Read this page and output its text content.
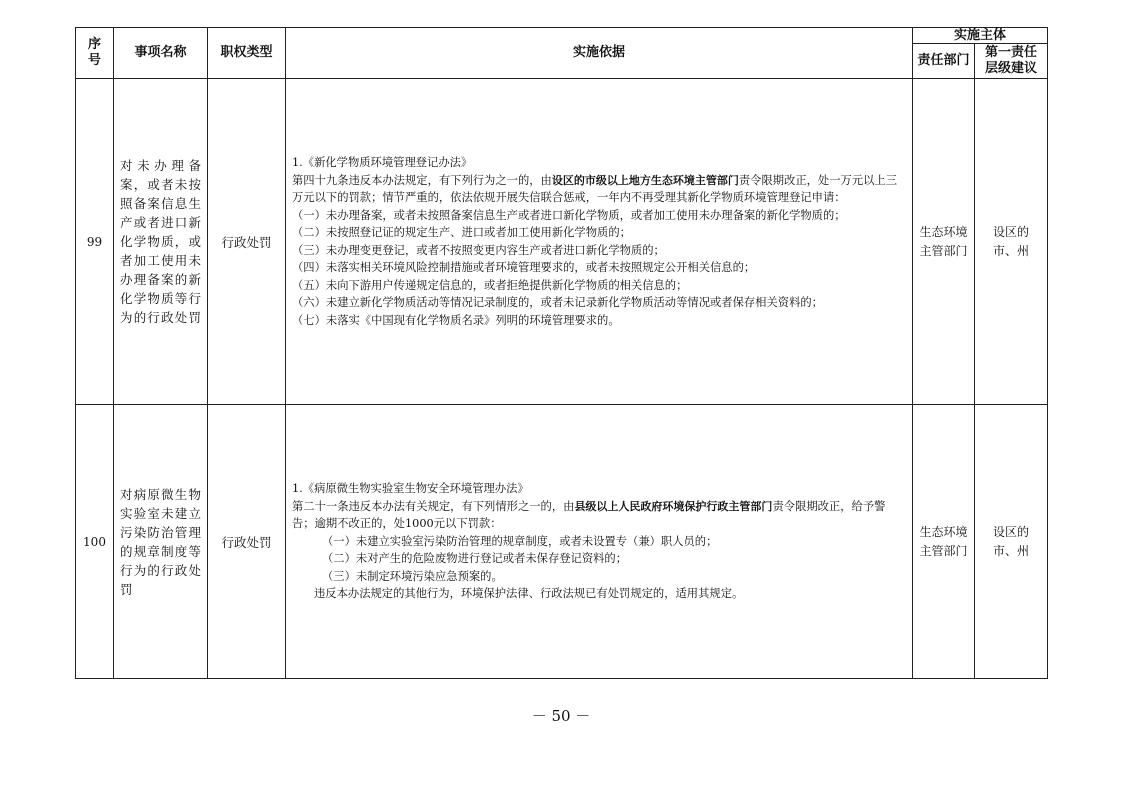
序号
事项名称	职权类型	实施依据
实施主体
责任部门
第一责任层级建议
99
对未办理备案，或者未按照备案信息生产或者进口新化学物质，或者加工使用未办理备案的新化学物质等行为的行政处罚
行政处罚

1.《新化学物质环境管理登记办法》

第四十九条违反本办法规定，有下列行为之一的，由设区的市级以上地方生态环境主管部门责令限期改正，处一万元以上三万元以下的罚款；情节严重的，依法依规开展失信联合惩戒，一年内不再受理其新化学物质环境管理登记申请：

（一）未办理备案，或者未按照备案信息生产或者进口新化学物质，或者加工使用未办理备案的新化学物质的；

（二）未按照登记证的规定生产、进口或者加工使用新化学物质的；

（三）未办理变更登记，或者不按照变更内容生产或者进口新化学物质的；

（四）未落实相关环境风险控制措施或者环境管理要求的，或者未按照规定公开相关信息的；

（五）未向下游用户传递规定信息的，或者拒绝提供新化学物质的相关信息的；

（六）未建立新化学物质活动等情况记录制度的，或者未记录新化学物质活动等情况或者保存相关资料的；

（七）未落实《中国现有化学物质名录》列明的环境管理要求的。

生态环境主管部门
设区的市、州
100
对病原微生物实验室未建立污染防治管理的规章制度等行为的行政处罚
行政处罚

1.《病原微生物实验室生物安全环境管理办法》

第二十一条违反本办法有关规定，有下列情形之一的，由县级以上人民政府环境保护行政主管部门责令限期改正，给予警告；逾期不改正的，处1000元以下罚款：

（一）未建立实验室污染防治管理的规章制度，或者未设置专（兼）职人员的；

（二）未对产生的危险废物进行登记或者未保存登记资料的；

（三）未制定环境污染应急预案的。

违反本办法规定的其他行为，环境保护法律、行政法规已有处罚规定的，适用其规定。

生态环境主管部门
设区的市、州
－ 50 －
